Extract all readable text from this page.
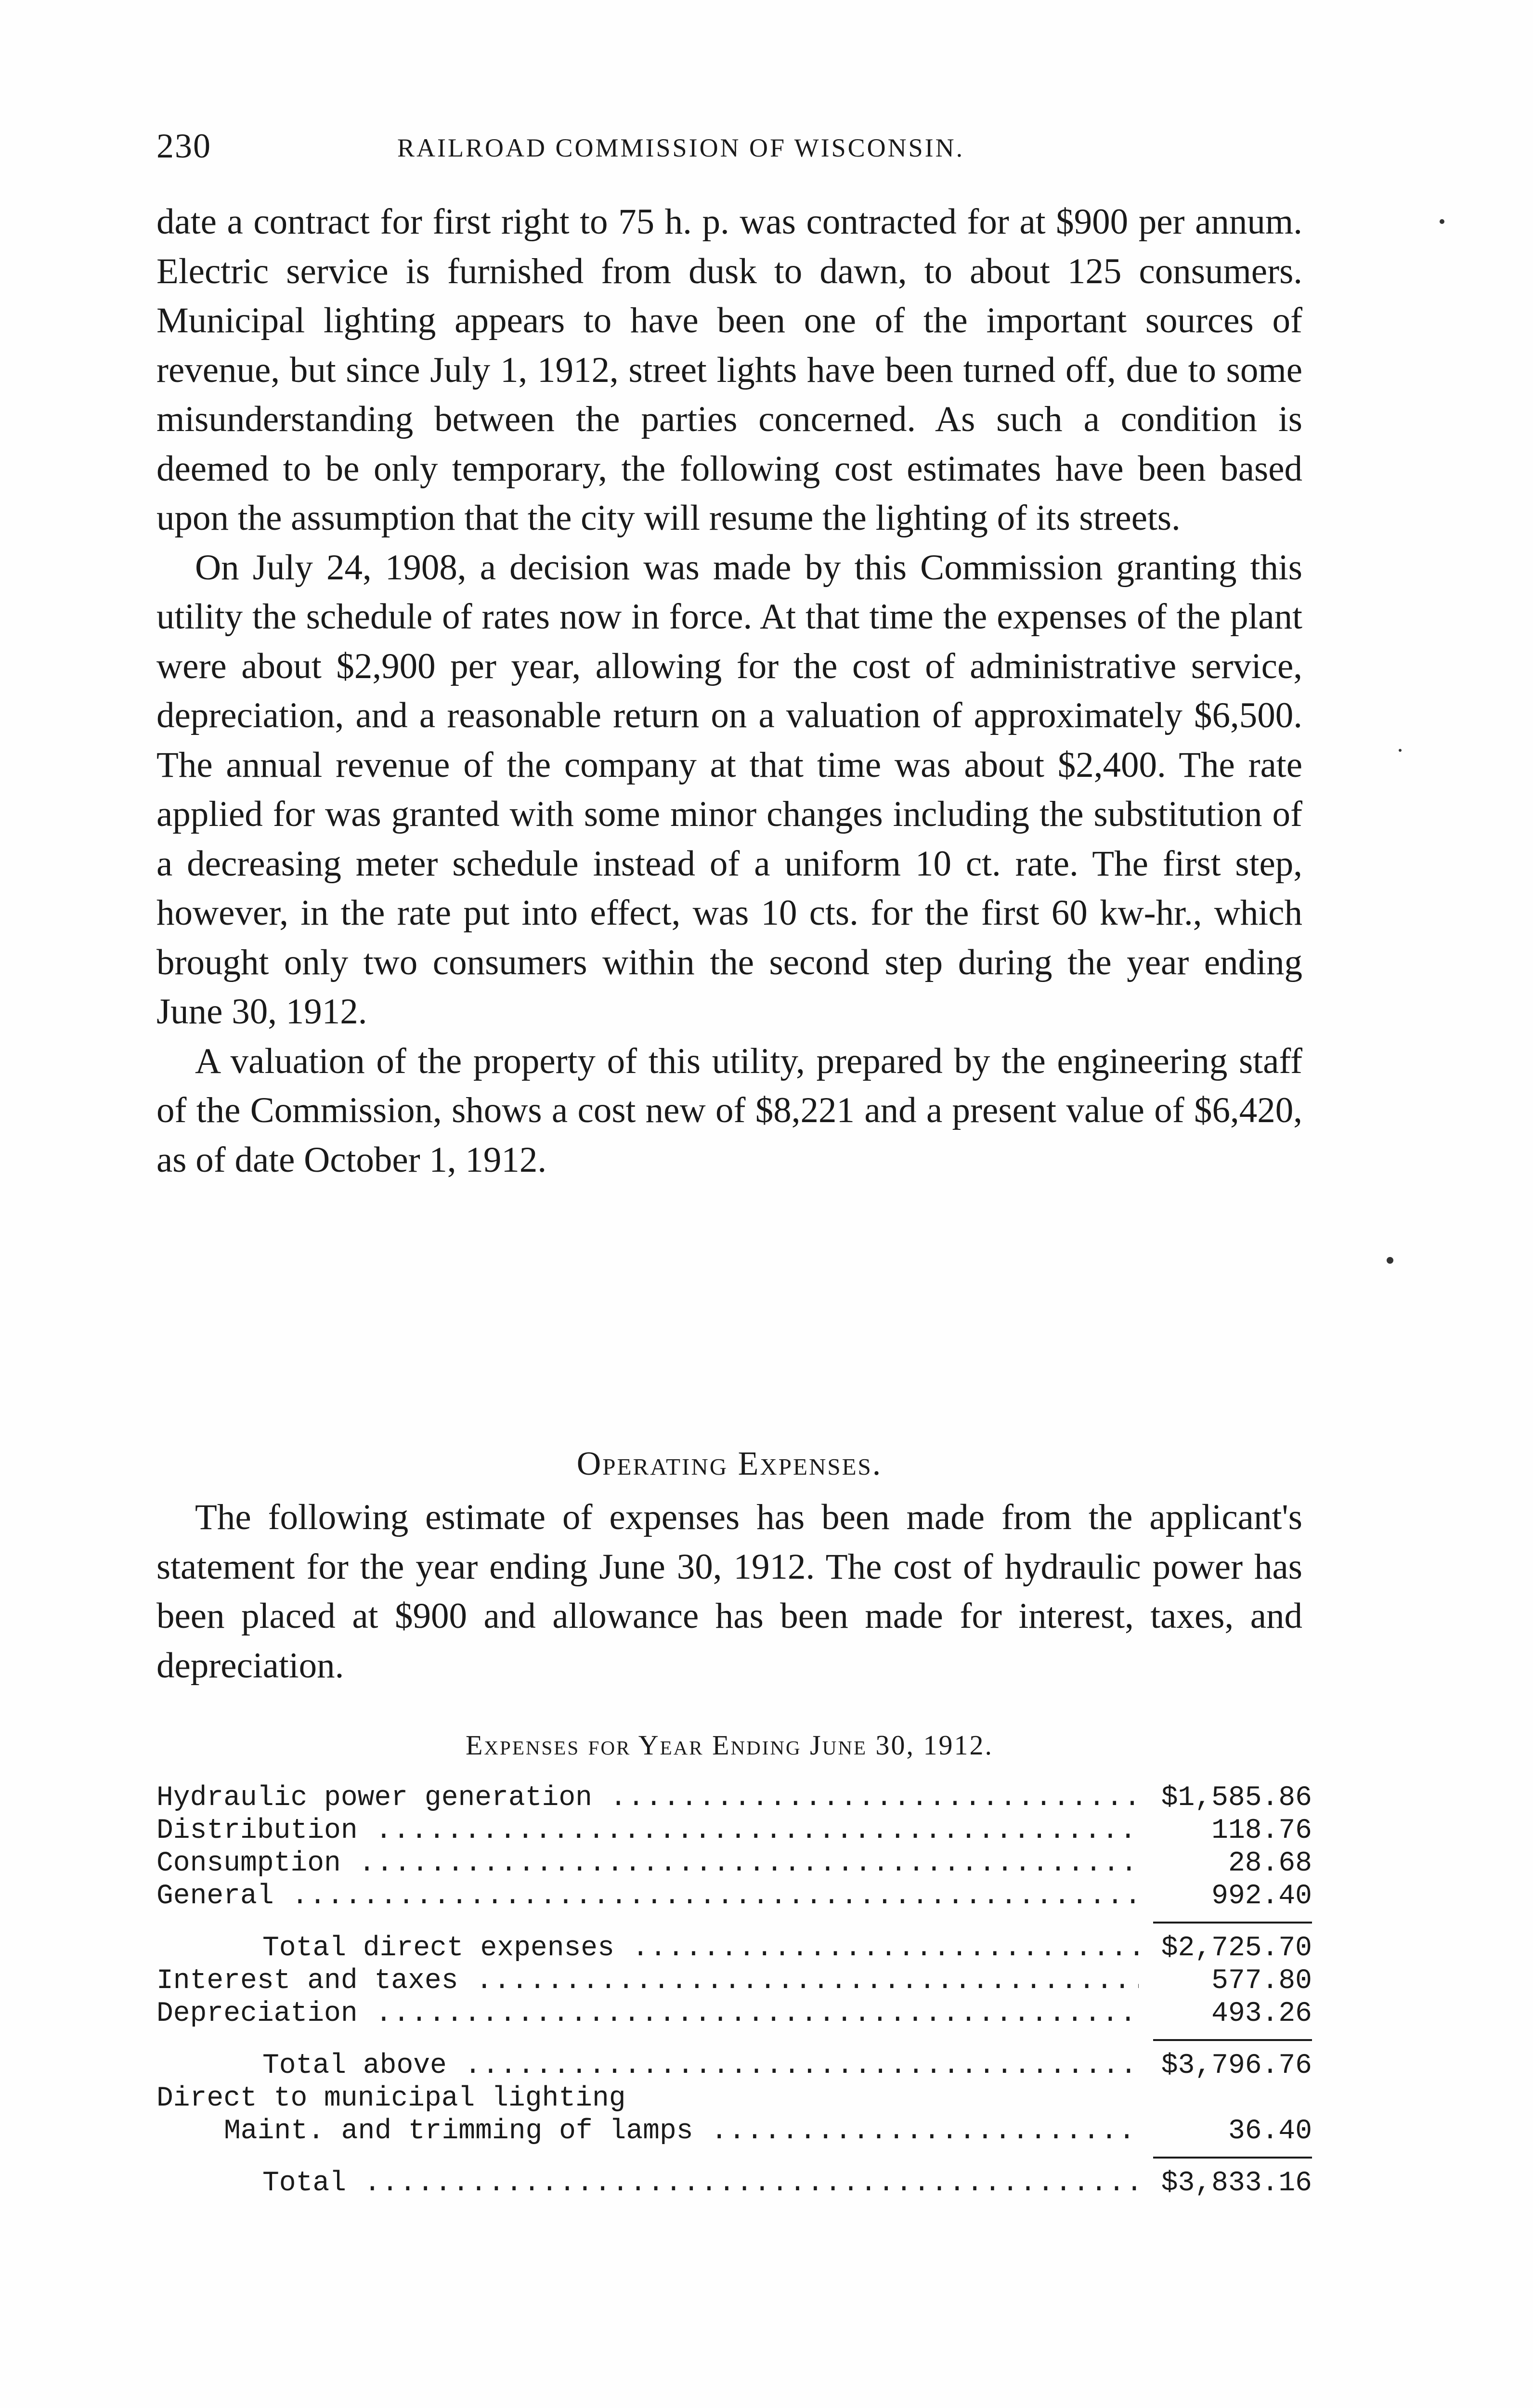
230	RAILROAD COMMISSION OF WISCONSIN.

date a contract for first right to 75 h. p. was contracted for at $900 per annum. Electric service is furnished from dusk to dawn, to about 125 consumers. Municipal lighting appears to have been one of the important sources of revenue, but since July 1, 1912, street lights have been turned off, due to some misunderstanding between the parties concerned. As such a condition is deemed to be only temporary, the following cost estimates have been based upon the assumption that the city will resume the lighting of its streets.

On July 24, 1908, a decision was made by this Commission granting this utility the schedule of rates now in force. At that time the expenses of the plant were about $2,900 per year, allowing for the cost of administrative service, depreciation, and a reasonable return on a valuation of approximately $6,500. The annual revenue of the company at that time was about $2,400. The rate applied for was granted with some minor changes including the substitution of a decreasing meter schedule instead of a uniform 10 ct. rate. The first step, however, in the rate put into effect, was 10 cts. for the first 60 kw-hr., which brought only two consumers within the second step during the year ending June 30, 1912.

A valuation of the property of this utility, prepared by the engineering staff of the Commission, shows a cost new of $8,221 and a present value of $6,420, as of date October 1, 1912.

Operating Expenses.

The following estimate of expenses has been made from the applicant's statement for the year ending June 30, 1912. The cost of hydraulic power has been placed at $900 and allowance has been made for interest, taxes, and depreciation.

Expenses for Year Ending June 30, 1912.
Hydraulic power generation .....	$1,585.86
Distribution .....	118.76
Consumption .....	28.68
General .....	992.40
Total direct expenses .....	$2,725.70
Interest and taxes .....	577.80
Depreciation .....	493.26
Total above .....	$3,796.76
Direct to municipal lighting
Maint. and trimming of lamps .....	36.40
Total .....	$3,833.16
